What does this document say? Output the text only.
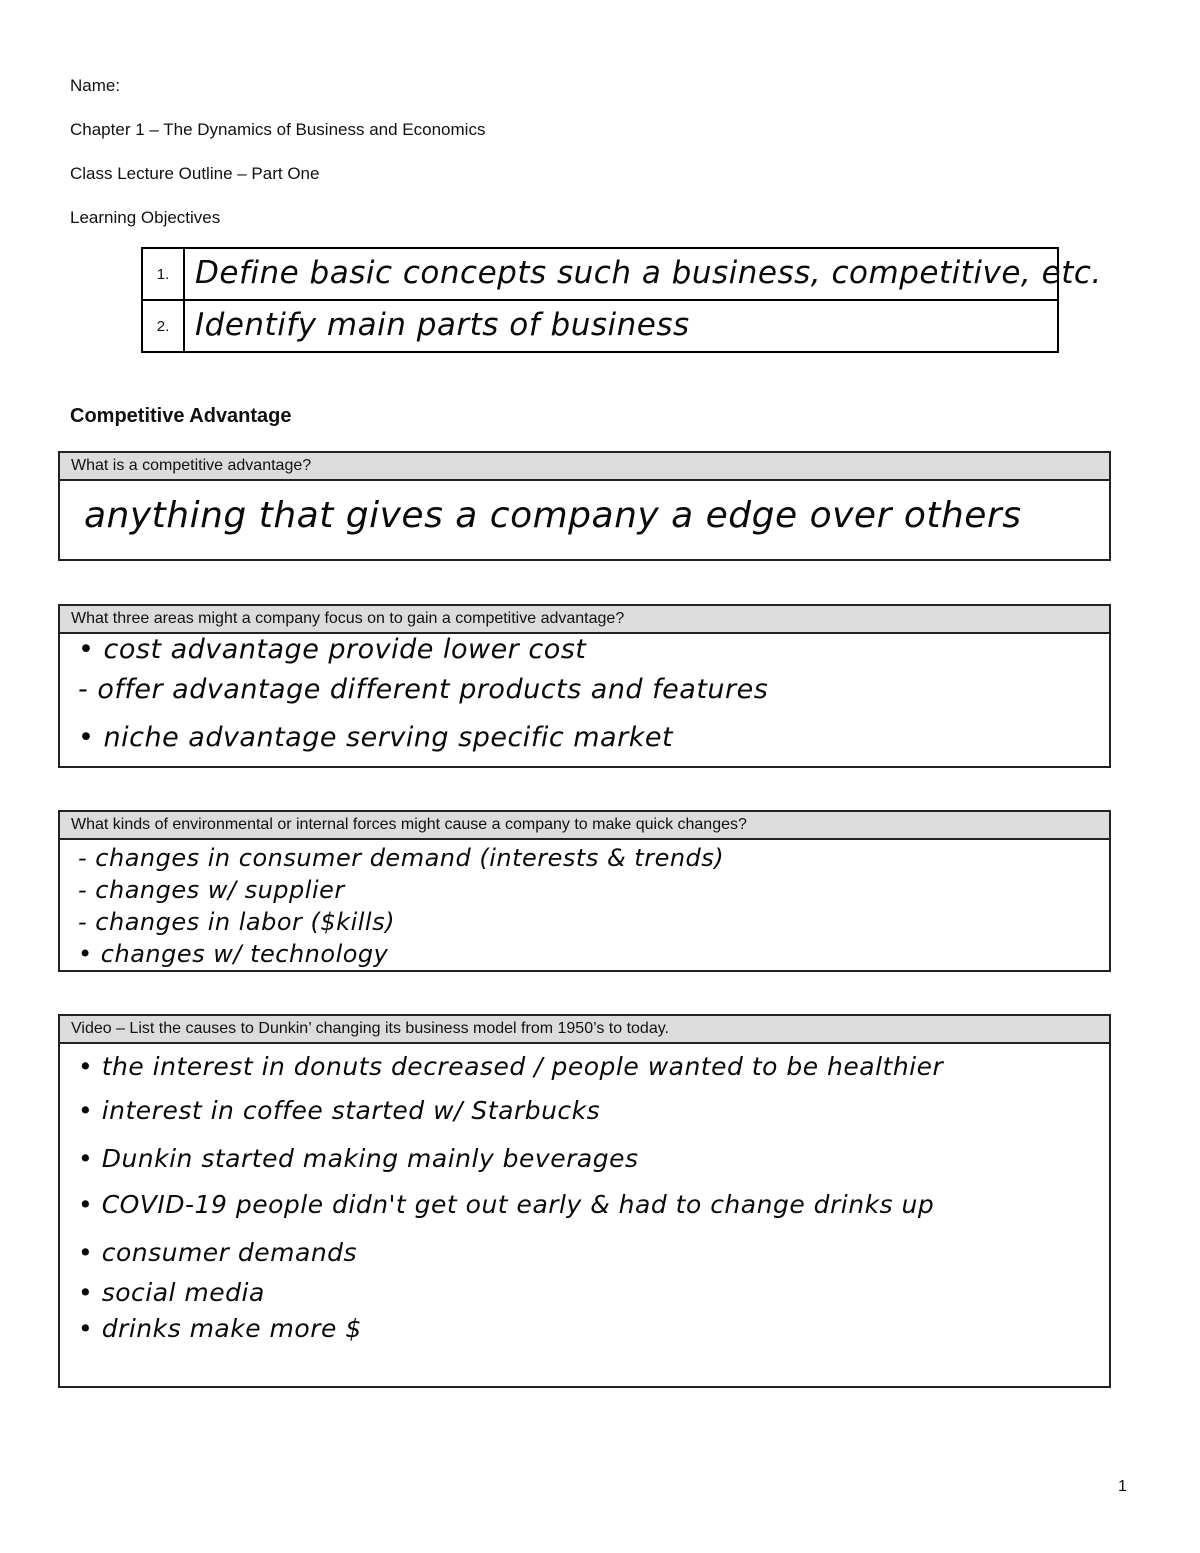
Name:
Chapter 1 – The Dynamics of Business and Economics
Class Lecture Outline – Part One
Learning Objectives
1.	Define basic concepts such a business, competitive, etc.

2.	Identify main parts of business
Competitive Advantage
What is a competitive advantage?
anything that gives a company a edge over others
What three areas might a company focus on to gain a competitive advantage?
• cost advantage provide lower cost
- offer advantage different products and features
• niche advantage serving specific market
What kinds of environmental or internal forces might cause a company to make quick changes?
- changes in consumer demand (interests & trends)
- changes w/ supplier
- changes in labor ($kills)
• changes w/ technology
Video – List the causes to Dunkin’ changing its business model from 1950’s to today.
• the interest in donuts decreased / people wanted to be healthier
• interest in coffee started w/ Starbucks
• Dunkin started making mainly beverages
• COVID-19 people didn't get out early & had to change drinks up
• consumer demands
• social media
• drinks make more $
1
